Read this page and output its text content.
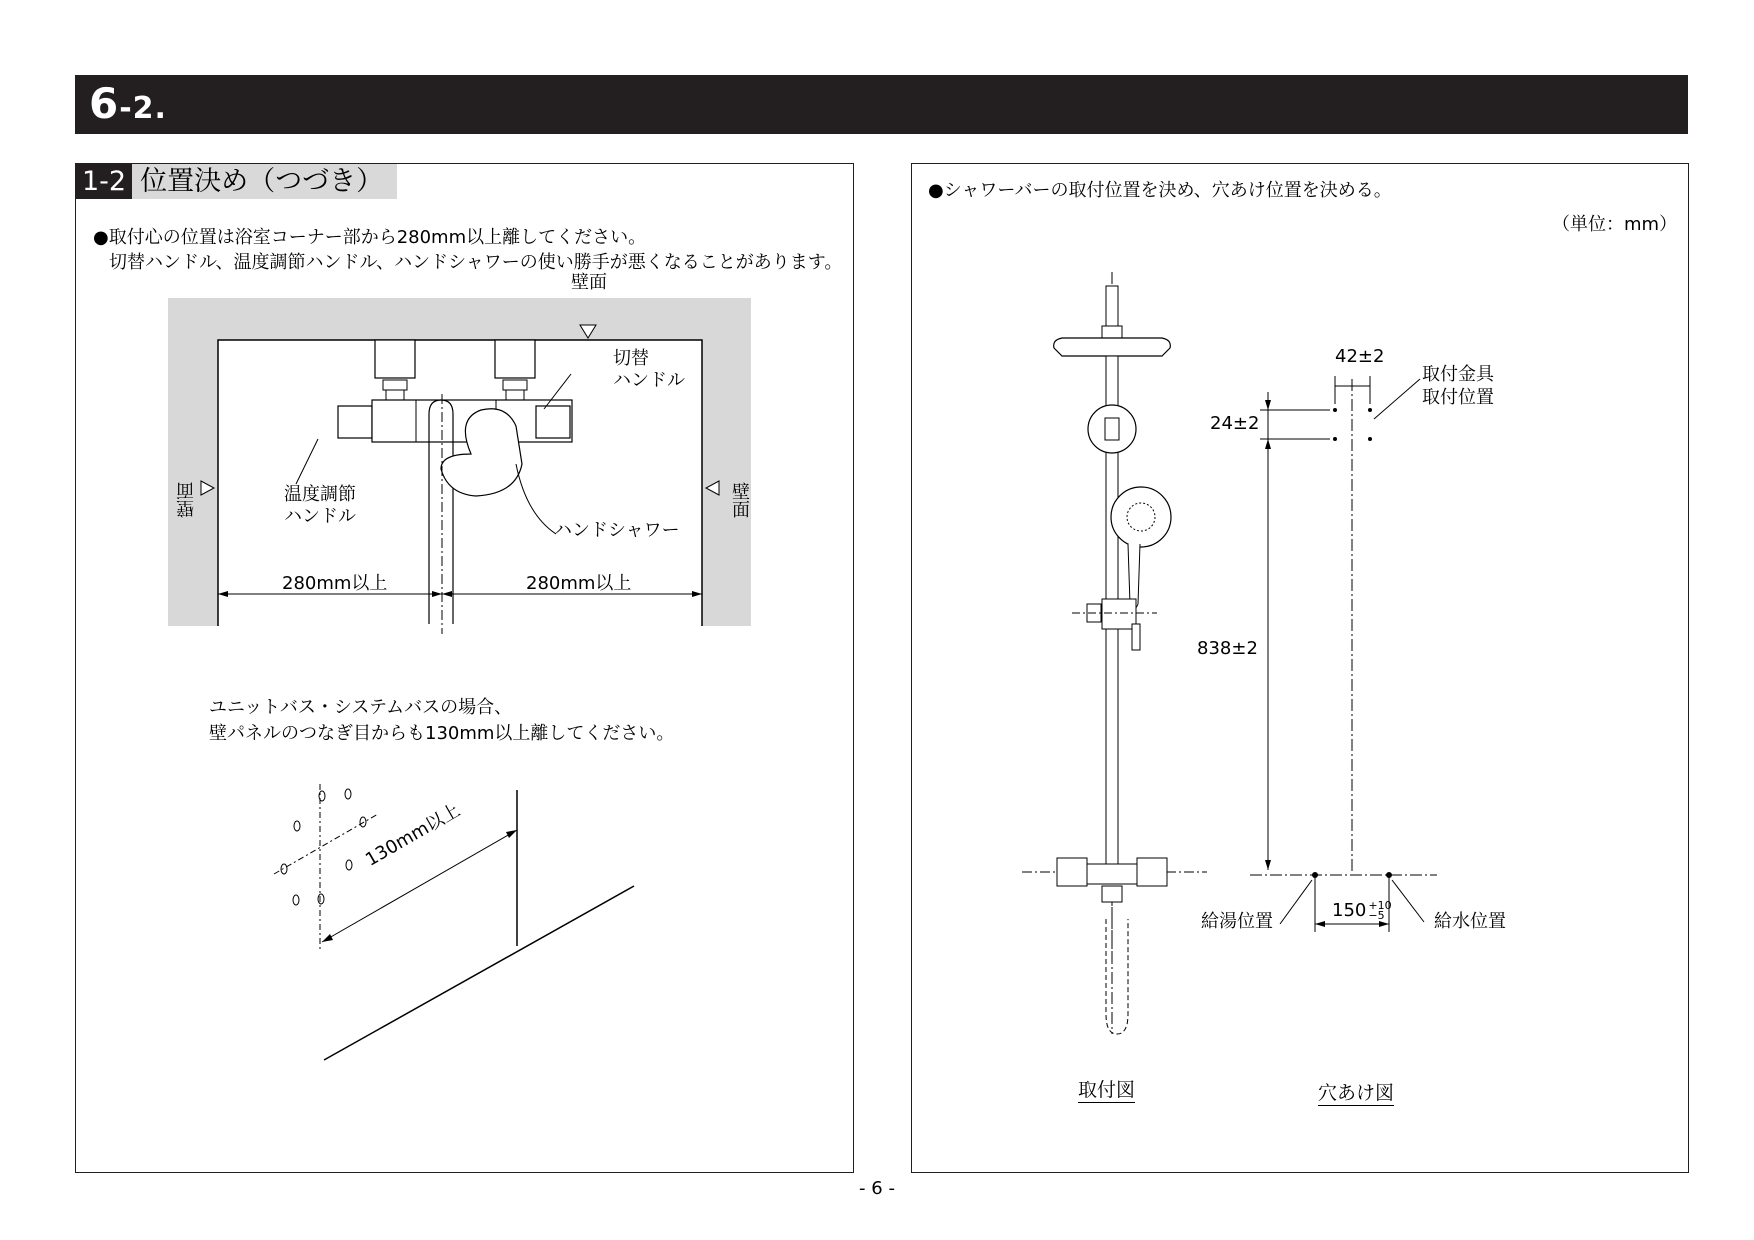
6-2.
1-2 位置決め（つづき）
●取付心の位置は浴室コーナー部から280mm以上離してください。
切替ハンドル、温度調節ハンドル、ハンドシャワーの使い勝手が悪くなることがあります。
壁面
壁面	壁面
切替
ハンドル
温度調節
ハンドル
ハンドシャワー
280mm以上	280mm以上
ユニットバス・システムバスの場合、
壁パネルのつなぎ目からも130mm以上離してください。
130mm以上
●シャワーバーの取付位置を決め、穴あけ位置を決める。
（単位：mm）
42±2
取付金具
取付位置
24±2
838±2
150 +10
−5
給湯位置	給水位置
取付図	穴あけ図
- 6 -
